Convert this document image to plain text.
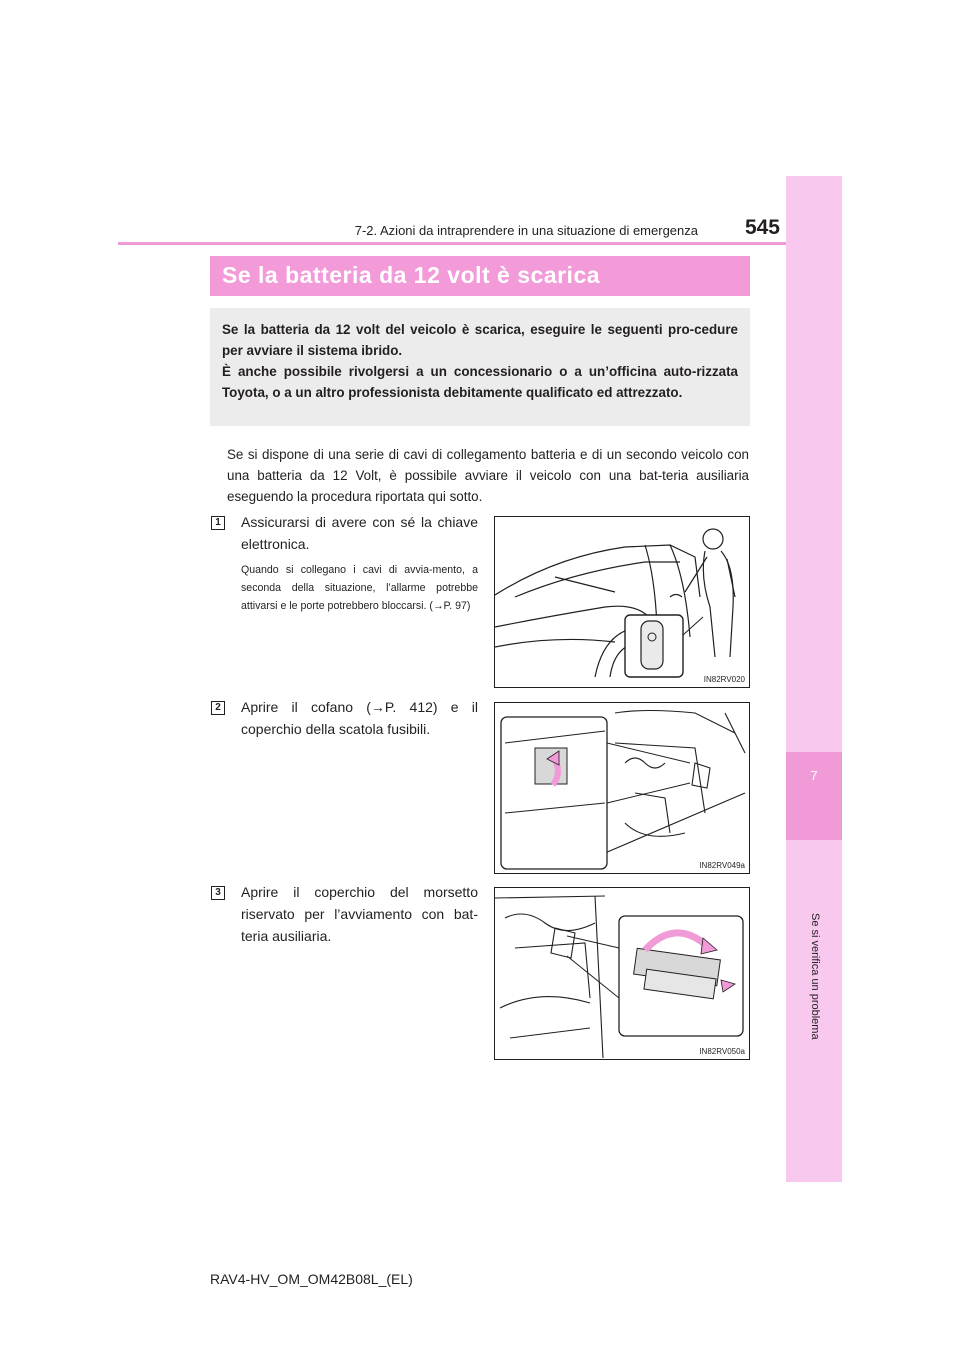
7
Se si verifica un problema
7-2. Azioni da intraprendere in una situazione di emergenza	545
Se la batteria da 12 volt è scarica

Se la batteria da 12 volt del veicolo è scarica, eseguire le seguenti pro-cedure per avviare il sistema ibrido.
È anche possibile rivolgersi a un concessionario o a un’officina auto-rizzata Toyota, o a un altro professionista debitamente qualificato ed attrezzato.

Se si dispone di una serie di cavi di collegamento batteria e di un secondo veicolo con una batteria da 12 Volt, è possibile avviare il veicolo con una bat-teria ausiliaria eseguendo la procedura riportata qui sotto.

1	Assicurarsi di avere con sé la chiave elettronica.

Quando si collegano i cavi di avvia-mento, a seconda della situazione, l’allarme potrebbe attivarsi e le porte potrebbero bloccarsi. (→P. 97)

IN82RV020
2	Aprire il cofano (→P. 412) e il coperchio della scatola fusibili.

IN82RV049a
3	Aprire il coperchio del morsetto riservato per l’avviamento con bat-teria ausiliaria.

IN82RV050a
RAV4-HV_OM_OM42B08L_(EL)
